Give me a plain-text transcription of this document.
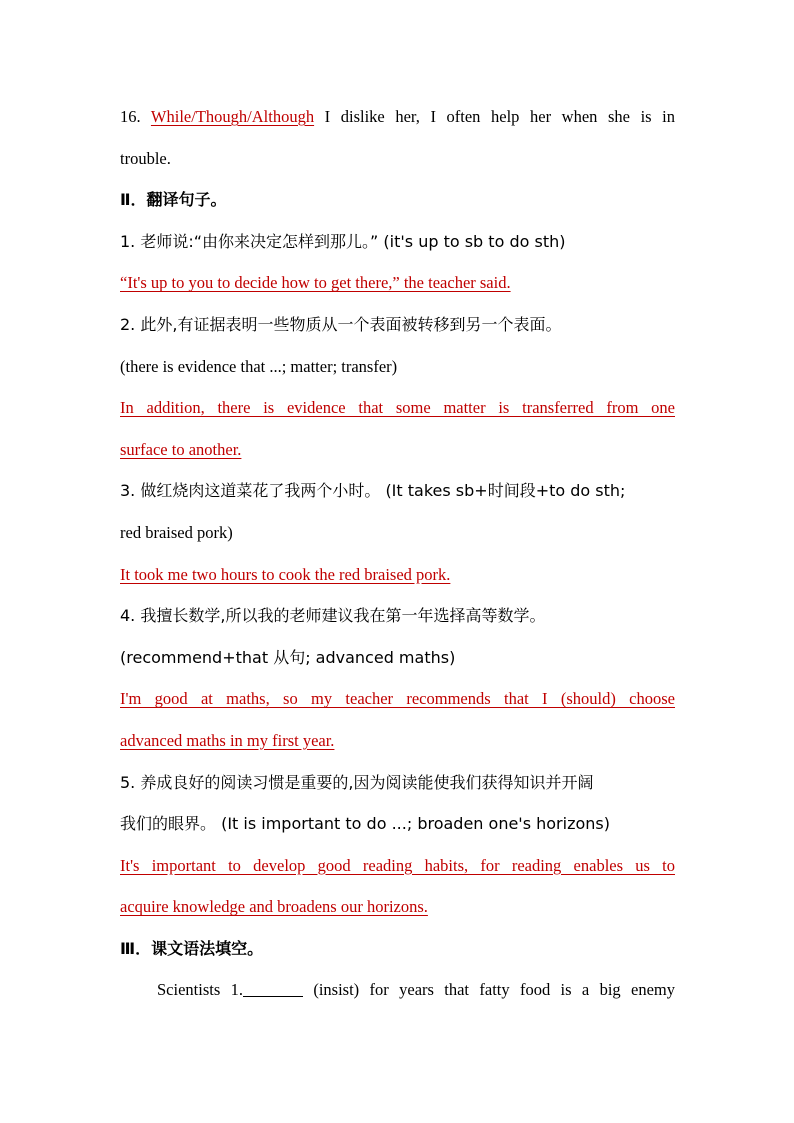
16. While/Though/Although I dislike her, I often help her when she is in
trouble.
Ⅱ．翻译句子。
1. 老师说:“由你来决定怎样到那儿。” (it's up to sb to do sth)
“It's up to you to decide how to get there,” the teacher said.
2. 此外,有证据表明一些物质从一个表面被转移到另一个表面。
(there is evidence that ...; matter; transfer)
In addition, there is evidence that some matter is transferred from one
surface to another.
3. 做红烧肉这道菜花了我两个小时。 (It takes sb+时间段+to do sth;
red braised pork)
It took me two hours to cook the red braised pork.
4. 我擅长数学,所以我的老师建议我在第一年选择高等数学。
(recommend+that 从句; advanced maths)
I'm good at maths, so my teacher recommends that I (should) choose
advanced maths in my first year.
5. 养成良好的阅读习惯是重要的,因为阅读能使我们获得知识并开阔
我们的眼界。 (It is important to do ...; broaden one's horizons)
It's important to develop good reading habits, for reading enables us to
acquire knowledge and broadens our horizons.
Ⅲ．课文语法填空。
Scientists 1.	(insist) for years that fatty food is a big enemy
